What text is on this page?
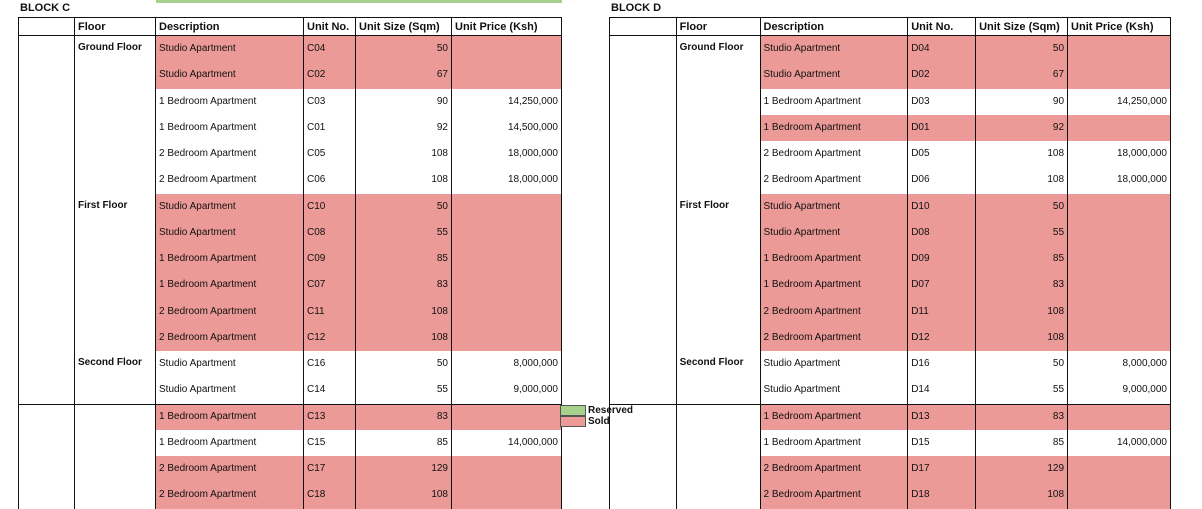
BLOCK C
	Floor	Description	Unit No.	Unit Size (Sqm)	Unit Price (Ksh)
	Ground Floor	Studio Apartment	C04	50	
		Studio Apartment	C02	67	
		1 Bedroom Apartment	C03	90	14,250,000
		1 Bedroom Apartment	C01	92	14,500,000
		2 Bedroom Apartment	C05	108	18,000,000
		2 Bedroom Apartment	C06	108	18,000,000
	First Floor	Studio Apartment	C10	50	
		Studio Apartment	C08	55	
		1 Bedroom Apartment	C09	85	
		1 Bedroom Apartment	C07	83	
		2 Bedroom Apartment	C11	108	
		2 Bedroom Apartment	C12	108	
	Second Floor	Studio Apartment	C16	50	8,000,000
		Studio Apartment	C14	55	9,000,000
		1 Bedroom Apartment	C13	83	
		1 Bedroom Apartment	C15	85	14,000,000
		2 Bedroom Apartment	C17	129	
		2 Bedroom Apartment	C18	108	
BLOCK D
	Floor	Description	Unit No.	Unit Size (Sqm)	Unit Price (Ksh)
	Ground Floor	Studio Apartment	D04	50	
		Studio Apartment	D02	67	
		1 Bedroom Apartment	D03	90	14,250,000
		1 Bedroom Apartment	D01	92	
		2 Bedroom Apartment	D05	108	18,000,000
		2 Bedroom Apartment	D06	108	18,000,000
	First Floor	Studio Apartment	D10	50	
		Studio Apartment	D08	55	
		1 Bedroom Apartment	D09	85	
		1 Bedroom Apartment	D07	83	
		2 Bedroom Apartment	D11	108	
		2 Bedroom Apartment	D12	108	
	Second Floor	Studio Apartment	D16	50	8,000,000
		Studio Apartment	D14	55	9,000,000
		1 Bedroom Apartment	D13	83	
		1 Bedroom Apartment	D15	85	14,000,000
		2 Bedroom Apartment	D17	129	
		2 Bedroom Apartment	D18	108	
Reserved
Sold
